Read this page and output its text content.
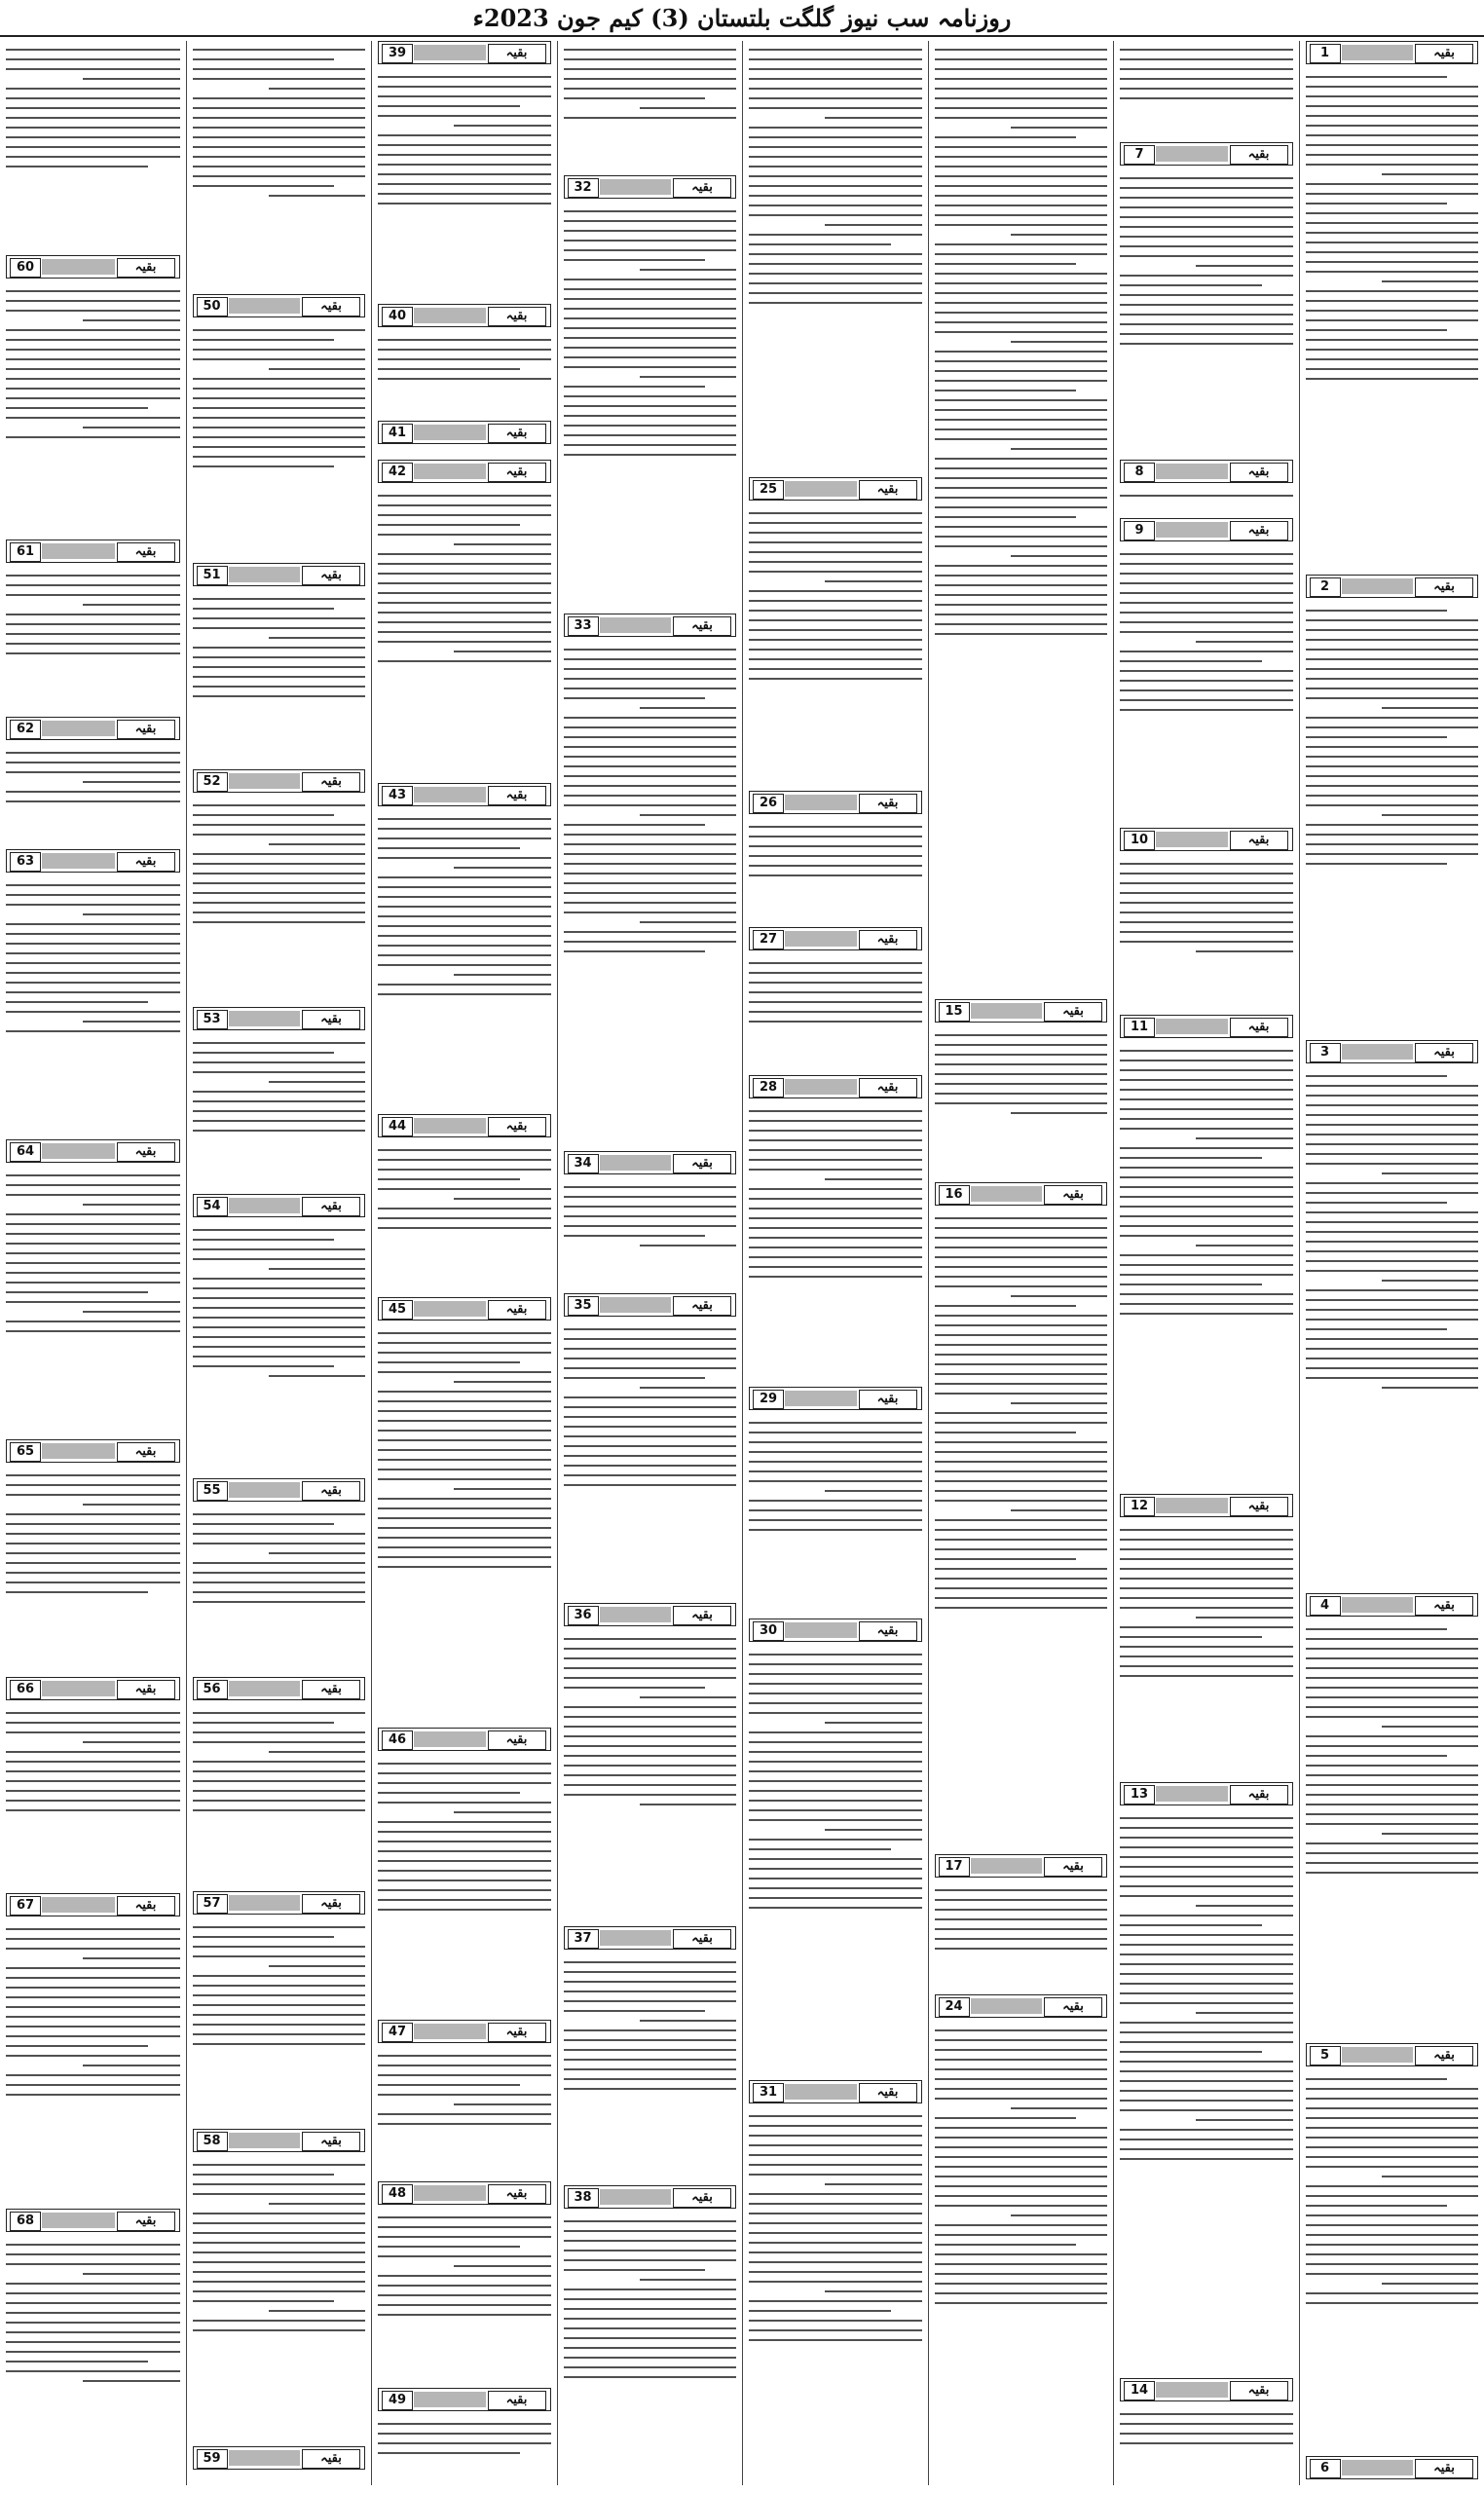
روزنامہ سب نیوز گلگت بلتستان (3) کیم جون 2023ء
بقیہ
1
بقیہ
2
بقیہ
3
بقیہ
4
بقیہ
5
بقیہ
6
بقیہ
7
بقیہ
8
بقیہ
9
بقیہ
10
بقیہ
11
بقیہ
12
بقیہ
13
بقیہ
14
بقیہ
15
بقیہ
16
بقیہ
17
بقیہ
24
بقیہ
25
بقیہ
26
بقیہ
27
بقیہ
28
بقیہ
29
بقیہ
30
بقیہ
31
بقیہ
32
بقیہ
33
بقیہ
34
بقیہ
35
بقیہ
36
بقیہ
37
بقیہ
38
بقیہ
39
بقیہ
40
بقیہ
41
بقیہ
42
بقیہ
43
بقیہ
44
بقیہ
45
بقیہ
46
بقیہ
47
بقیہ
48
بقیہ
49
بقیہ
50
بقیہ
51
بقیہ
52
بقیہ
53
بقیہ
54
بقیہ
55
بقیہ
56
بقیہ
57
بقیہ
58
بقیہ
59
بقیہ
60
بقیہ
61
بقیہ
62
بقیہ
63
بقیہ
64
بقیہ
65
بقیہ
66
بقیہ
67
بقیہ
68
